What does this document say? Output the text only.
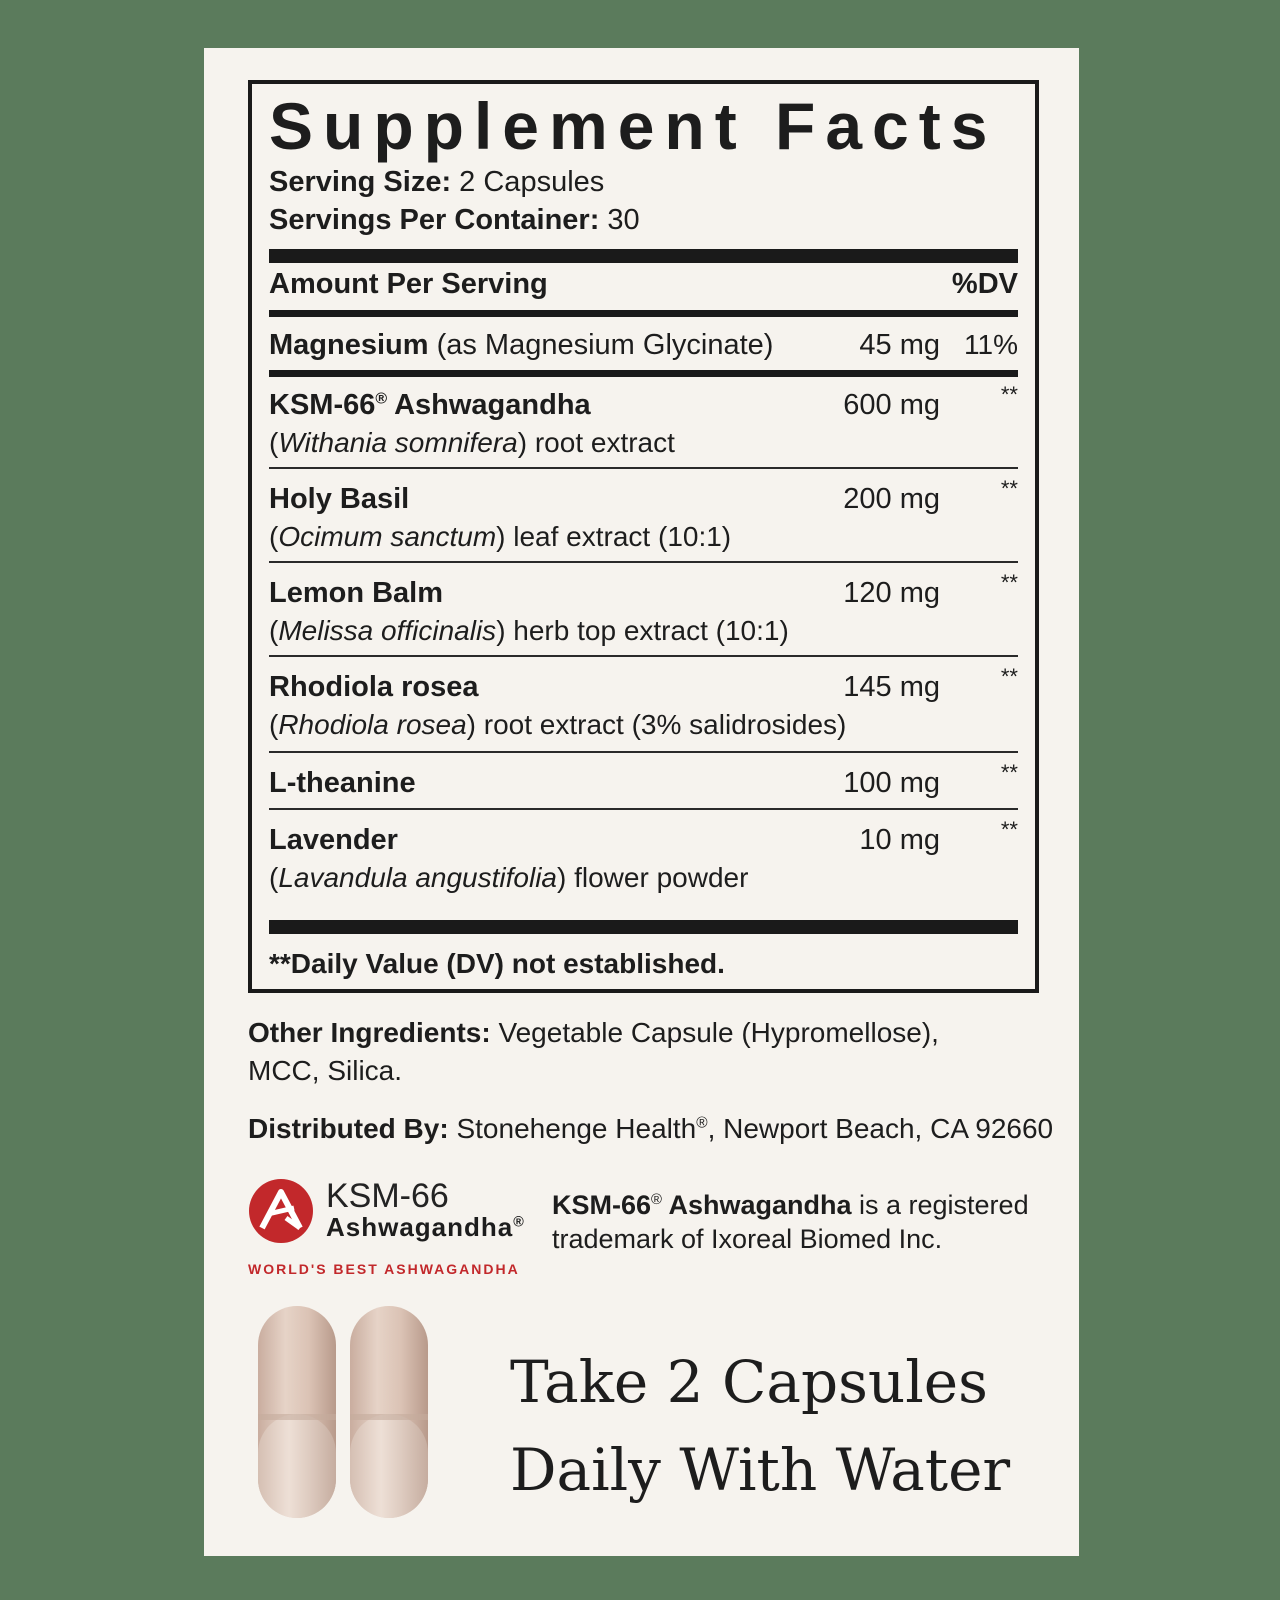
Supplement Facts
Serving Size: 2 Capsules
Servings Per Container: 30
Amount Per Serving	%DV
Magnesium (as Magnesium Glycinate)	45 mg 11%
KSM-66® Ashwagandha
(Withania somnifera) root extract
600 mg	**
Holy Basil
(Ocimum sanctum) leaf extract (10:1)
200 mg	**
Lemon Balm
(Melissa officinalis) herb top extract (10:1)
120 mg	**
Rhodiola rosea
(Rhodiola rosea) root extract (3% salidrosides)
145 mg	**
L-theanine	100 mg	**
Lavender
(Lavandula angustifolia) flower powder
10 mg	**
**Daily Value (DV) not established.
Other Ingredients: Vegetable Capsule (Hypromellose), MCC, Silica.
Distributed By: Stonehenge Health®, Newport Beach, CA 92660
KSM-66
Ashwagandha®
WORLD'S BEST ASHWAGANDHA
KSM-66® Ashwagandha is a registered trademark of Ixoreal Biomed Inc.
Take 2 Capsules
Daily With Water
